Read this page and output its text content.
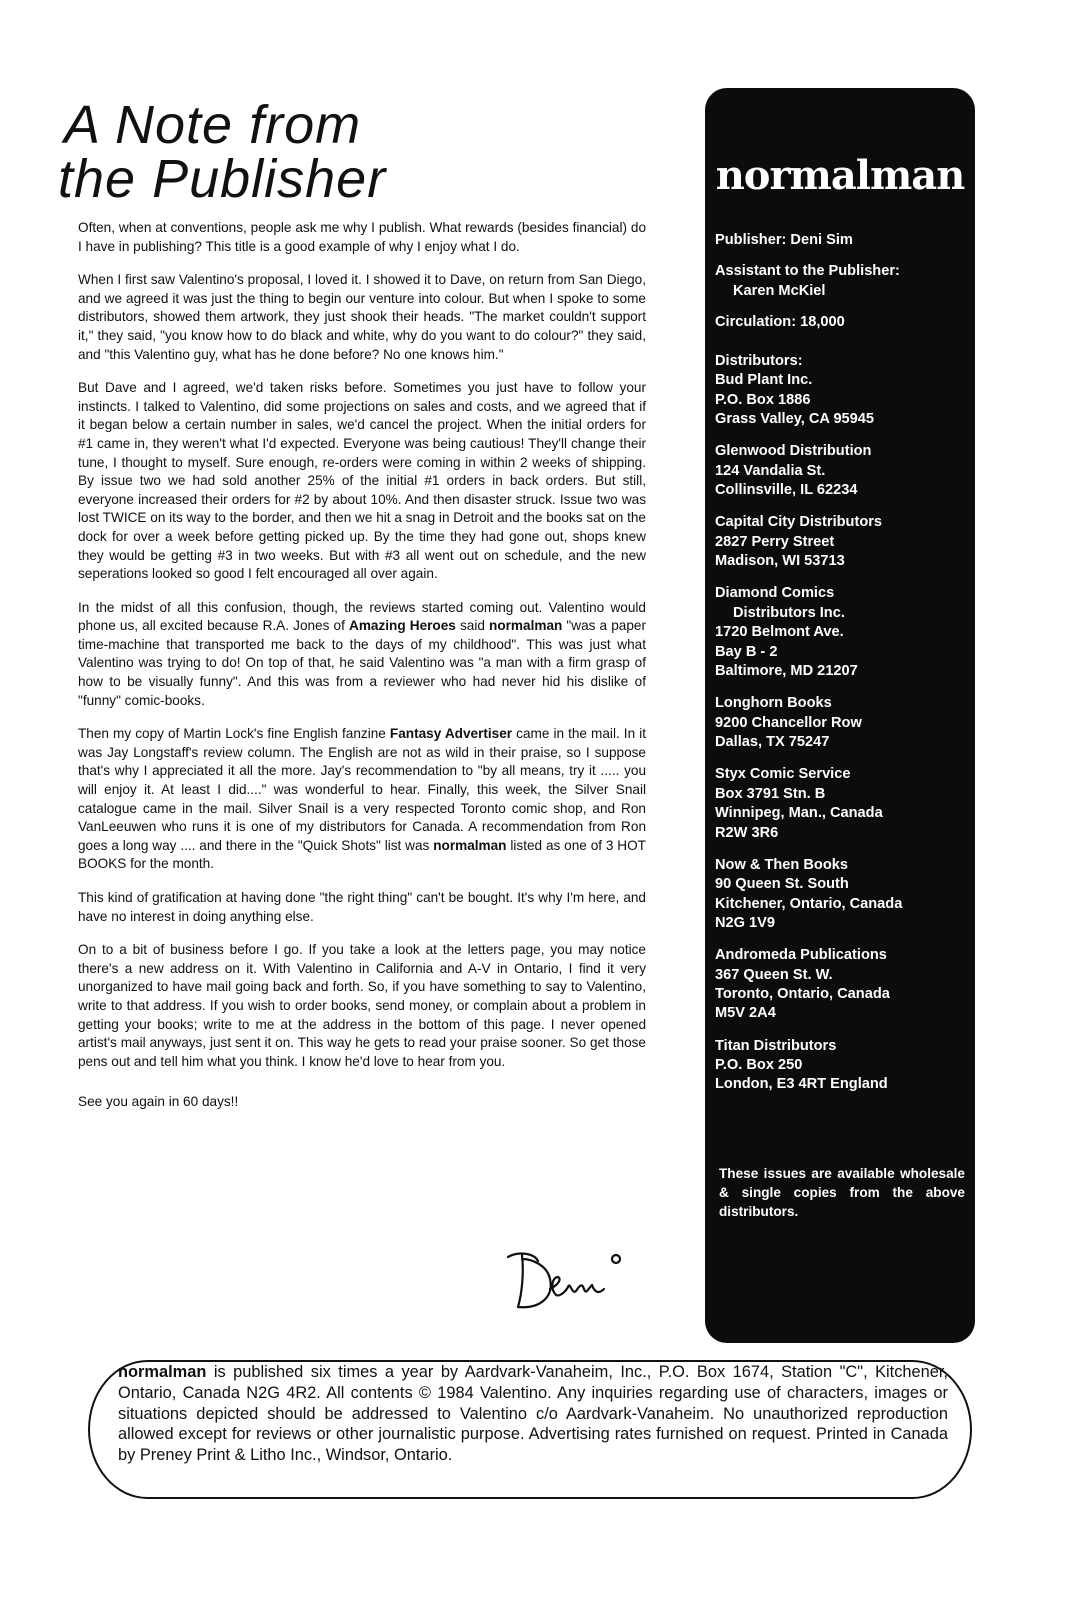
A Note from
the Publisher

Often, when at conventions, people ask me why I publish. What rewards (besides financial) do I have in publishing? This title is a good example of why I enjoy what I do.

When I first saw Valentino's proposal, I loved it. I showed it to Dave, on return from San Diego, and we agreed it was just the thing to begin our venture into colour. But when I spoke to some distributors, showed them artwork, they just shook their heads. "The market couldn't support it," they said, "you know how to do black and white, why do you want to do colour?" they said, and "this Valentino guy, what has he done before? No one knows him."

But Dave and I agreed, we'd taken risks before. Sometimes you just have to follow your instincts. I talked to Valentino, did some projections on sales and costs, and we agreed that if it began below a certain number in sales, we'd cancel the project. When the initial orders for #1 came in, they weren't what I'd expected. Everyone was being cautious! They'll change their tune, I thought to myself. Sure enough, re-orders were coming in within 2 weeks of shipping. By issue two we had sold another 25% of the initial #1 orders in back orders. But still, everyone increased their orders for #2 by about 10%. And then disaster struck. Issue two was lost TWICE on its way to the border, and then we hit a snag in Detroit and the books sat on the dock for over a week before getting picked up. By the time they had gone out, shops knew they would be getting #3 in two weeks. But with #3 all went out on schedule, and the new seperations looked so good I felt encouraged all over again.

In the midst of all this confusion, though, the reviews started coming out. Valentino would phone us, all excited because R.A. Jones of Amazing Heroes said normalman "was a paper time-machine that transported me back to the days of my childhood". This was just what Valentino was trying to do! On top of that, he said Valentino was "a man with a firm grasp of how to be visually funny". And this was from a reviewer who had never hid his dislike of "funny" comic-books.

Then my copy of Martin Lock's fine English fanzine Fantasy Advertiser came in the mail. In it was Jay Longstaff's review column. The English are not as wild in their praise, so I suppose that's why I appreciated it all the more. Jay's recommendation to "by all means, try it ..... you will enjoy it. At least I did...." was wonderful to hear. Finally, this week, the Silver Snail catalogue came in the mail. Silver Snail is a very respected Toronto comic shop, and Ron VanLeeuwen who runs it is one of my distributors for Canada. A recommendation from Ron goes a long way .... and there in the "Quick Shots" list was normalman listed as one of 3 HOT BOOKS for the month.

This kind of gratification at having done "the right thing" can't be bought. It's why I'm here, and have no interest in doing anything else.

On to a bit of business before I go. If you take a look at the letters page, you may notice there's a new address on it. With Valentino in California and A-V in Ontario, I find it very unorganized to have mail going back and forth. So, if you have something to say to Valentino, write to that address. If you wish to order books, send money, or complain about a problem in getting your books; write to me at the address in the bottom of this page. I never opened artist's mail anyways, just sent it on. This way he gets to read your praise sooner. So get those pens out and tell him what you think. I know he'd love to hear from you.

See you again in 60 days!!

normalman
Publisher: Deni Sim
Assistant to the Publisher:
Karen McKiel
Circulation: 18,000
Distributors:
Bud Plant Inc.
P.O. Box 1886
Grass Valley, CA 95945
Glenwood Distribution
124 Vandalia St.
Collinsville, IL 62234
Capital City Distributors
2827 Perry Street
Madison, WI 53713
Diamond Comics
Distributors Inc.
1720 Belmont Ave.
Bay B - 2
Baltimore, MD 21207
Longhorn Books
9200 Chancellor Row
Dallas, TX 75247
Styx Comic Service
Box 3791 Stn. B
Winnipeg, Man., Canada
R2W 3R6
Now & Then Books
90 Queen St. South
Kitchener, Ontario, Canada
N2G 1V9
Andromeda Publications
367 Queen St. W.
Toronto, Ontario, Canada
M5V 2A4
Titan Distributors
P.O. Box 250
London, E3 4RT England
These issues are available wholesale & single copies from the above distributors.
normalman is published six times a year by Aardvark-Vanaheim, Inc., P.O. Box 1674, Station "C", Kitchener, Ontario, Canada N2G 4R2. All contents © 1984 Valentino. Any inquiries regarding use of characters, images or situations depicted should be addressed to Valentino c/o Aardvark-Vanaheim. No unauthorized reproduction allowed except for reviews or other journalistic purpose. Advertising rates furnished on request. Printed in Canada by Preney Print & Litho Inc., Windsor, Ontario.
